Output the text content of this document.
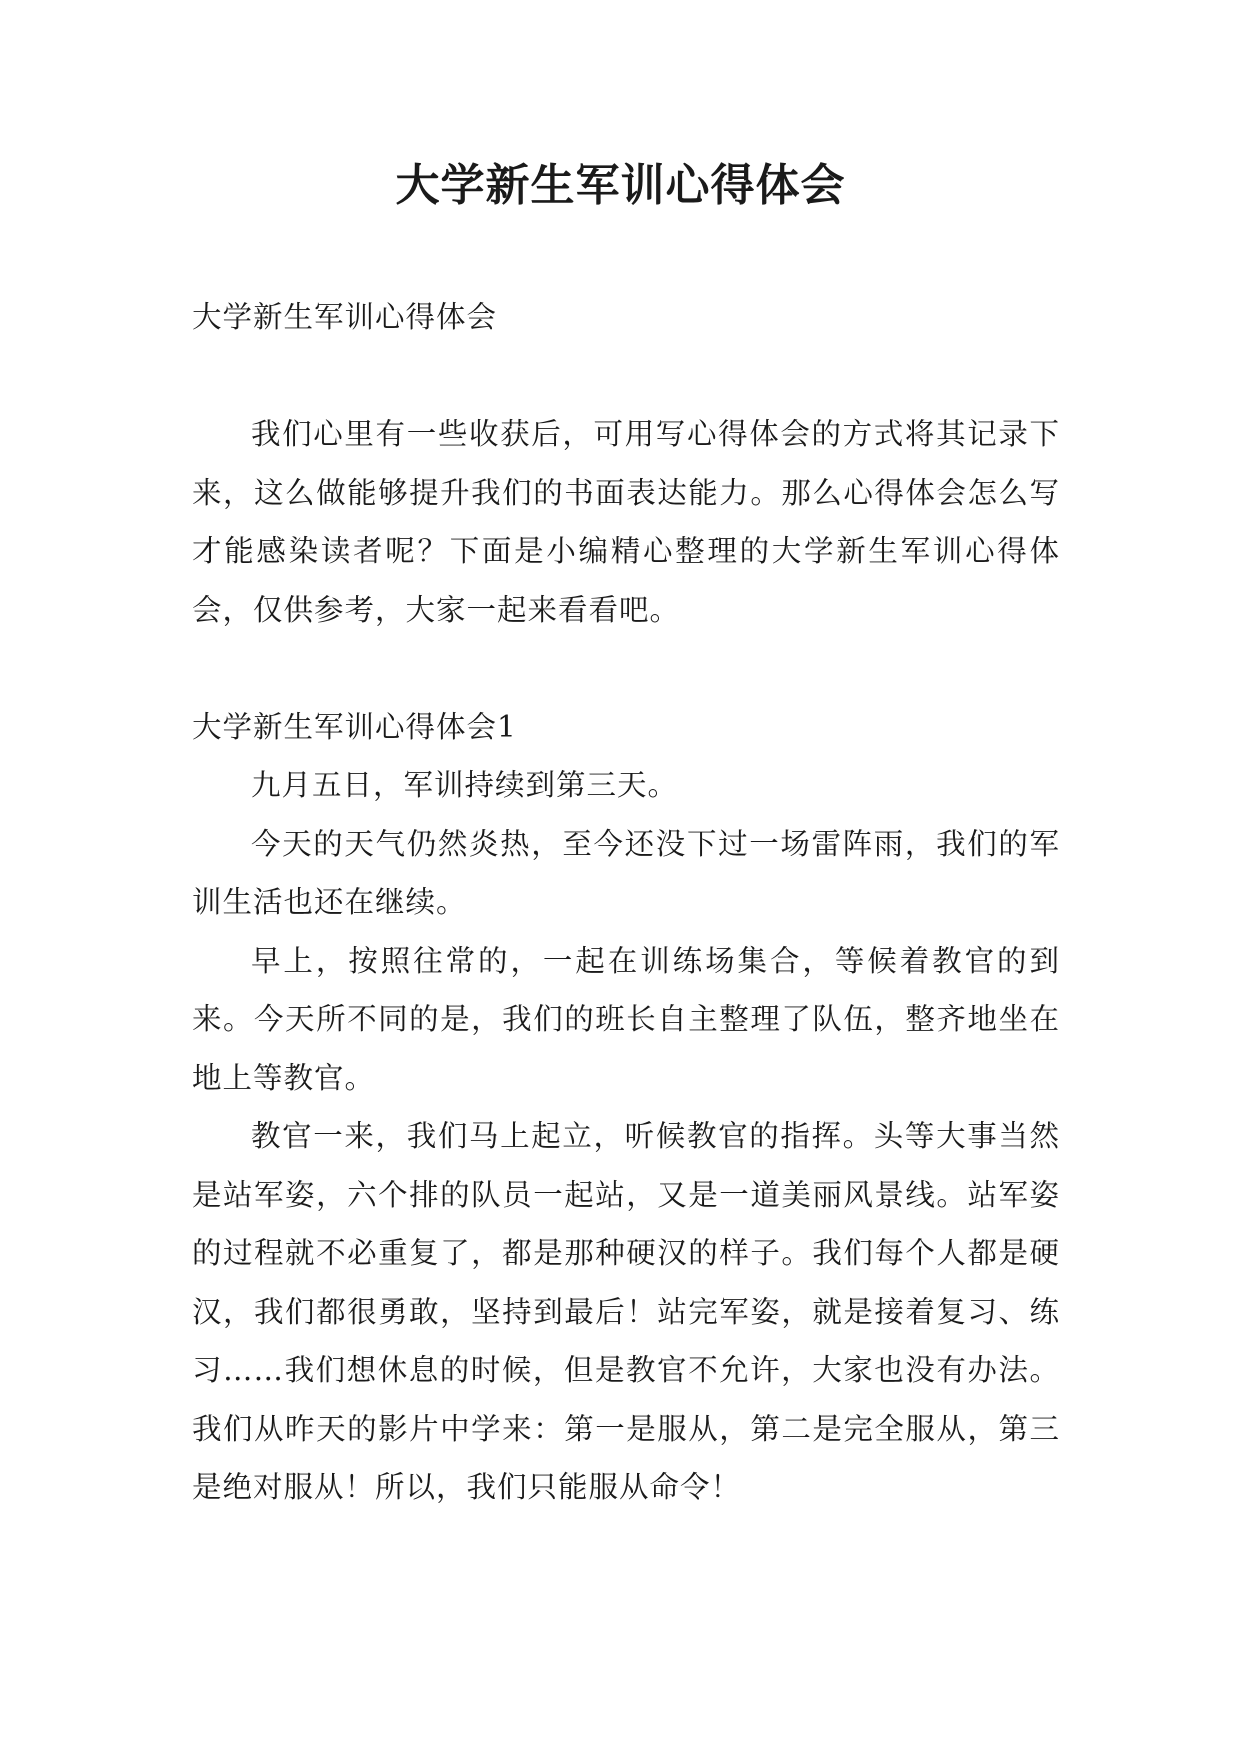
大学新生军训心得体会

大学新生军训心得体会

我们心里有一些收获后，可用写心得体会的方式将其记录下来，这么做能够提升我们的书面表达能力。那么心得体会怎么写才能感染读者呢？下面是小编精心整理的大学新生军训心得体会，仅供参考，大家一起来看看吧。

大学新生军训心得体会1

九月五日，军训持续到第三天。

今天的天气仍然炎热，至今还没下过一场雷阵雨，我们的军训生活也还在继续。

早上，按照往常的，一起在训练场集合，等候着教官的到来。今天所不同的是，我们的班长自主整理了队伍，整齐地坐在地上等教官。

教官一来，我们马上起立，听候教官的指挥。头等大事当然是站军姿，六个排的队员一起站，又是一道美丽风景线。站军姿的过程就不必重复了，都是那种硬汉的样子。我们每个人都是硬汉，我们都很勇敢，坚持到最后！站完军姿，就是接着复习、练习……我们想休息的时候，但是教官不允许，大家也没有办法。我们从昨天的影片中学来：第一是服从，第二是完全服从，第三是绝对服从！所以，我们只能服从命令！
